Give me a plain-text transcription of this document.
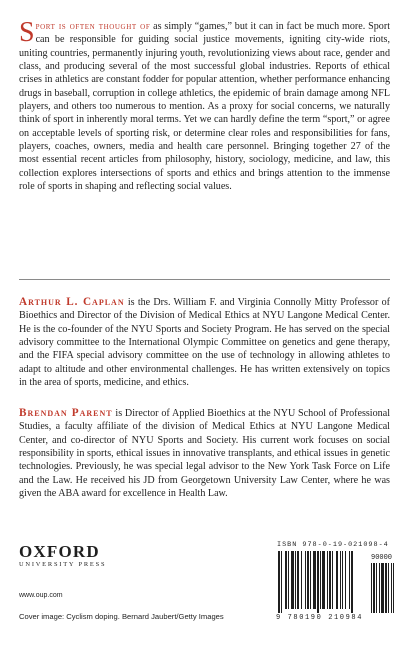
Sport is often thought of as simply “games,” but it can in fact be much more. Sport can be responsible for guiding social justice movements, igniting city-wide riots, uniting countries, permanently injuring youth, revolutionizing views about race, gender and class, and producing several of the most successful global industries. Reports of ethical crises in athletics are constant fodder for popular attention, whether performance enhancing drugs in baseball, corruption in college athletics, the epidemic of brain damage among NFL players, and others too numerous to mention. As a proxy for social concerns, we naturally think of sport in inherently moral terms. Yet we can hardly define the term “sport,” or agree on acceptable levels of sporting risk, or determine clear roles and responsibilities for fans, players, coaches, owners, media and health care personnel. Bringing together 27 of the most essential recent articles from philosophy, history, sociology, medicine, and law, this collection explores intersections of sports and ethics and brings attention to the immense role of sports in shaping and reflecting social values.
Arthur L. Caplan is the Drs. William F. and Virginia Connolly Mitty Professor of Bioethics and Director of the Division of Medical Ethics at NYU Langone Medical Center. He is the co-founder of the NYU Sports and Society Program. He has served on the special advisory committee to the International Olympic Committee on genetics and gene therapy, and the FIFA special advisory committee on the use of technology in allowing athletes to adapt to altitude and other environmental challenges. He has written extensively on topics in the area of sports, medicine, and ethics.
Brendan Parent is Director of Applied Bioethics at the NYU School of Professional Studies, a faculty affiliate of the division of Medical Ethics at NYU Langone Medical Center, and co-director of NYU Sports and Society. His current work focuses on social responsibility in sports, ethical issues in innovative transplants, and ethical issues in genetic technologies. Previously, he was special legal advisor to the New York Task Force on Life and the Law. He received his JD from Georgetown University Law Center, where he was given the ABA award for excellence in Health Law.
OXFORD
UNIVERSITY PRESS
www.oup.com
Cover image: Cyclism doping. Bernard Jaubert/Getty Images
ISBN 978-0-19-021098-4
90000
9 780190 210984
